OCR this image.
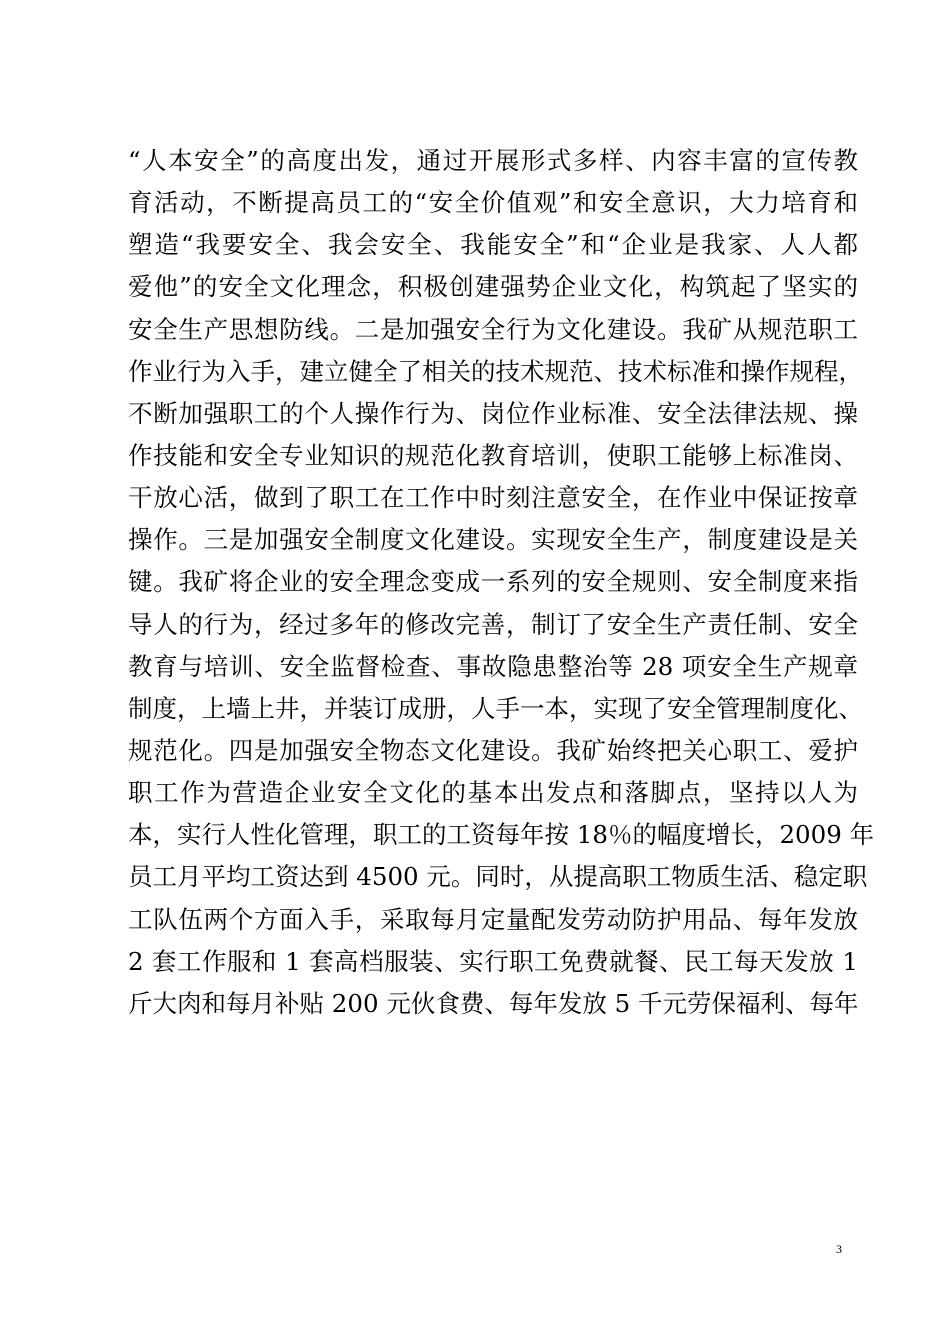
“人本安全”的高度出发，通过开展形式多样、内容丰富的宣传教
育活动，不断提高员工的“安全价值观”和安全意识，大力培育和
塑造“我要安全、我会安全、我能安全”和“企业是我家、人人都
爱他”的安全文化理念，积极创建强势企业文化，构筑起了坚实的
安全生产思想防线。二是加强安全行为文化建设。我矿从规范职工
作业行为入手，建立健全了相关的技术规范、技术标准和操作规程，
不断加强职工的个人操作行为、岗位作业标准、安全法律法规、操
作技能和安全专业知识的规范化教育培训，使职工能够上标准岗、
干放心活，做到了职工在工作中时刻注意安全，在作业中保证按章
操作。三是加强安全制度文化建设。实现安全生产，制度建设是关
键。我矿将企业的安全理念变成一系列的安全规则、安全制度来指
导人的行为，经过多年的修改完善，制订了安全生产责任制、安全
教育与培训、安全监督检查、事故隐患整治等 28 项安全生产规章
制度，上墙上井，并装订成册，人手一本，实现了安全管理制度化、
规范化。四是加强安全物态文化建设。我矿始终把关心职工、爱护
职工作为营造企业安全文化的基本出发点和落脚点，坚持以人为
本，实行人性化管理，职工的工资每年按 18％的幅度增长，2009 年
员工月平均工资达到 4500 元。同时，从提高职工物质生活、稳定职
工队伍两个方面入手，采取每月定量配发劳动防护用品、每年发放
2 套工作服和 1 套高档服装、实行职工免费就餐、民工每天发放 1
斤大肉和每月补贴 200 元伙食费、每年发放 5 千元劳保福利、每年
3
